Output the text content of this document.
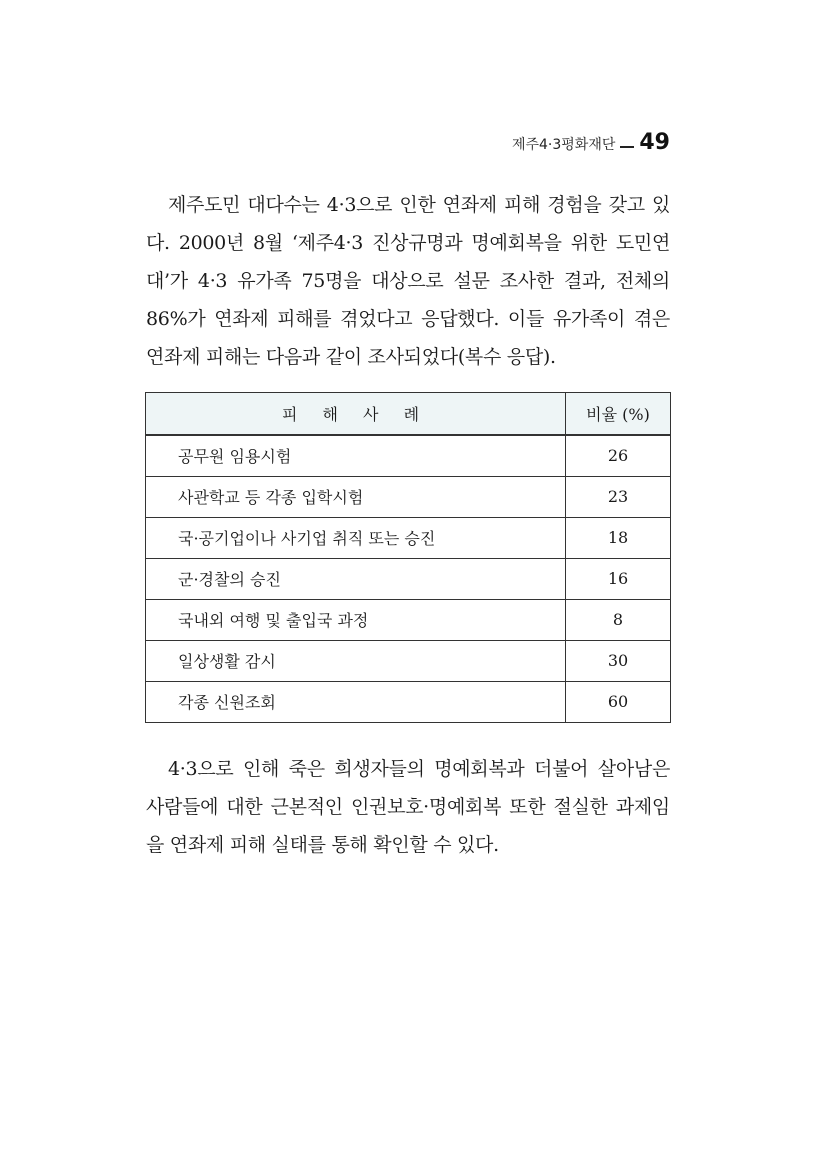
제주4·3평화재단 49

제주도민 대다수는 4·3으로 인한 연좌제 피해 경험을 갖고 있다. 2000년 8월 ‘제주4·3 진상규명과 명예회복을 위한 도민연대’가 4·3 유가족 75명을 대상으로 설문 조사한 결과, 전체의 86%가 연좌제 피해를 겪었다고 응답했다. 이들 유가족이 겪은 연좌제 피해는 다음과 같이 조사되었다(복수 응답).

피 해 사 례	비율 (%)
공무원 임용시험	26
사관학교 등 각종 입학시험	23
국·공기업이나 사기업 취직 또는 승진	18
군·경찰의 승진	16
국내외 여행 및 출입국 과정	8
일상생활 감시	30
각종 신원조회	60

4·3으로 인해 죽은 희생자들의 명예회복과 더불어 살아남은 사람들에 대한 근본적인 인권보호·명예회복 또한 절실한 과제임을 연좌제 피해 실태를 통해 확인할 수 있다.
